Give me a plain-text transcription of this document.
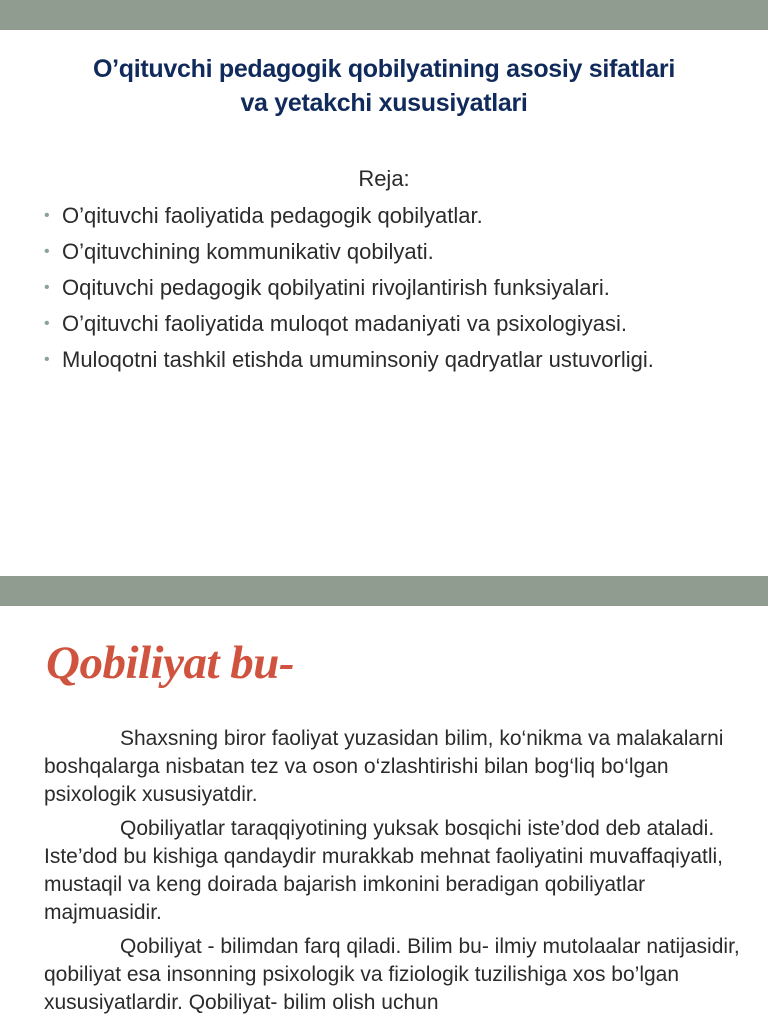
O’qituvchi pedagogik qobilyatining asosiy sifatlari
va yetakchi xususiyatlari
Reja:
• O’qituvchi faoliyatida pedagogik qobilyatlar.
• O’qituvchining kommunikativ qobilyati.
• Oqituvchi pedagogik qobilyatini rivojlantirish funksiyalari.
• O’qituvchi faoliyatida muloqot madaniyati va psixologiyasi.
• Muloqotni tashkil etishda umuminsoniy qadryatlar ustuvorligi.
Qobiliyat bu-

Shaxsning biror faoliyat yuzasidan bilim, ko‘nikma va malakalarni boshqalarga nisbatan tez va oson o‘zlashtirishi bilan bog‘liq bo‘lgan psixologik xususiyatdir.

Qobiliyatlar taraqqiyotining yuksak bosqichi iste’dod deb ataladi. Iste’dod bu kishiga qandaydir murakkab mehnat faoliyatini muvaffaqiyatli, mustaqil va keng doirada bajarish imkonini beradigan qobiliyatlar majmuasidir.

Qobiliyat - bilimdan farq qiladi. Bilim bu- ilmiy mutolaalar natijasidir, qobiliyat esa insonning psixologik va fiziologik tuzilishiga xos bo’lgan xususiyatlardir. Qobiliyat- bilim olish uchun
